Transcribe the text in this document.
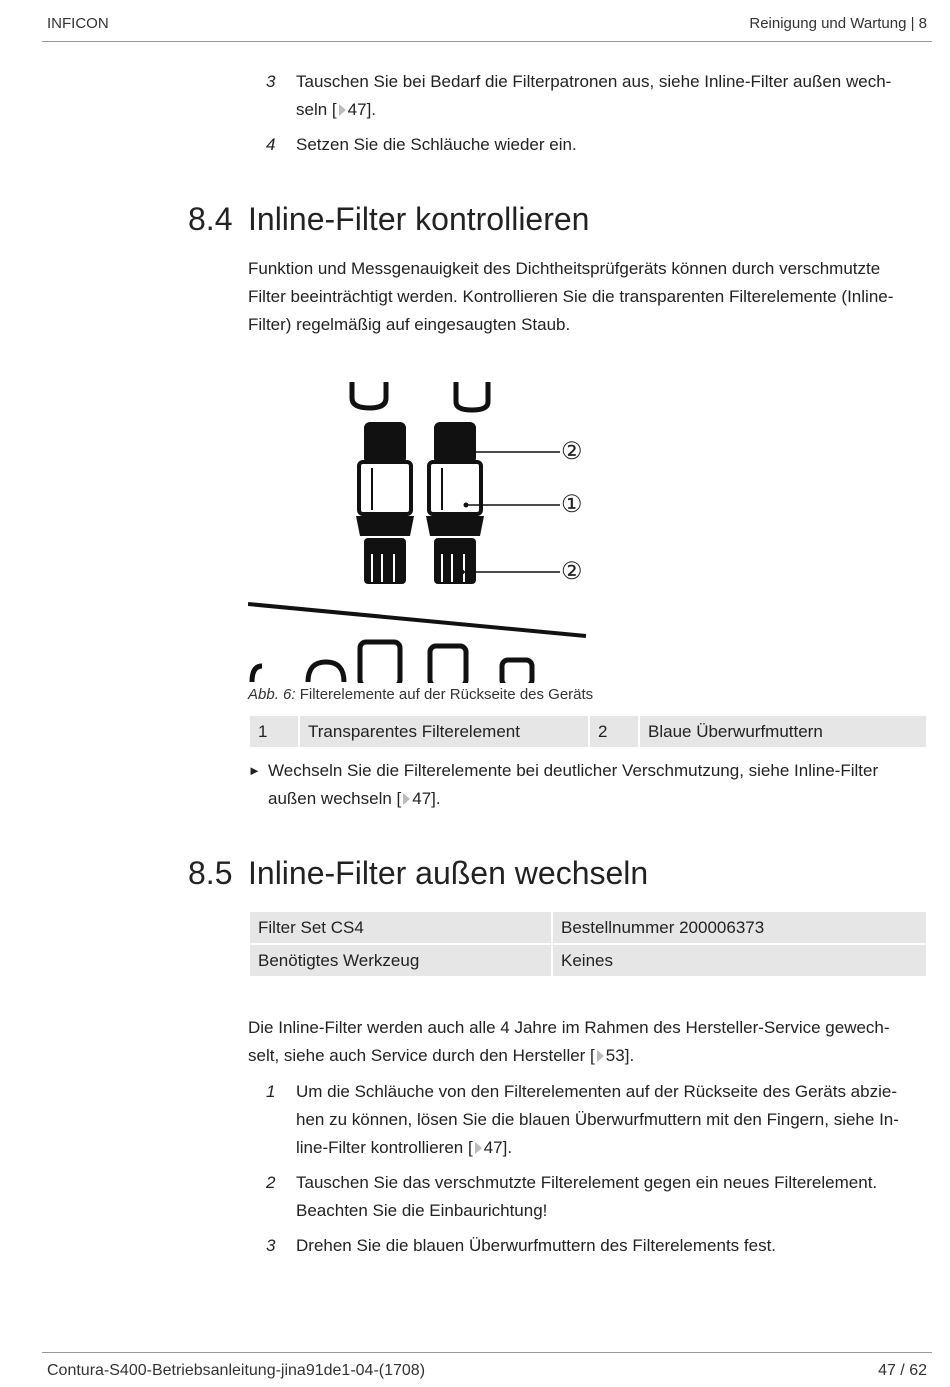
INFICON	Reinigung und Wartung | 8
3 Tauschen Sie bei Bedarf die Filterpatronen aus, siehe Inline-Filter außen wech-
seln [ 47].
4 Setzen Sie die Schläuche wieder ein.
8.4 Inline-Filter kontrollieren
Funktion und Messgenauigkeit des Dichtheitsprüfgeräts können durch verschmutzte
Filter beeinträchtigt werden. Kontrollieren Sie die transparenten Filterelemente (Inline-
Filter) regelmäßig auf eingesaugten Staub.
②
①
②
Abb. 6: Filterelemente auf der Rückseite des Geräts
1	Transparentes Filterelement	2	Blaue Überwurfmuttern
► Wechseln Sie die Filterelemente bei deutlicher Verschmutzung, siehe Inline-Filter
außen wechseln [ 47].
8.5 Inline-Filter außen wechseln
Filter Set CS4	Bestellnummer 200006373
Benötigtes Werkzeug	Keines
Die Inline-Filter werden auch alle 4 Jahre im Rahmen des Hersteller-Service gewech-
selt, siehe auch Service durch den Hersteller [ 53].
1 Um die Schläuche von den Filterelementen auf der Rückseite des Geräts abzie-
hen zu können, lösen Sie die blauen Überwurfmuttern mit den Fingern, siehe In-
line-Filter kontrollieren [ 47].
2 Tauschen Sie das verschmutzte Filterelement gegen ein neues Filterelement.
Beachten Sie die Einbaurichtung!
3 Drehen Sie die blauen Überwurfmuttern des Filterelements fest.
Contura-S400-Betriebsanleitung-jina91de1-04-(1708)	47 / 62
